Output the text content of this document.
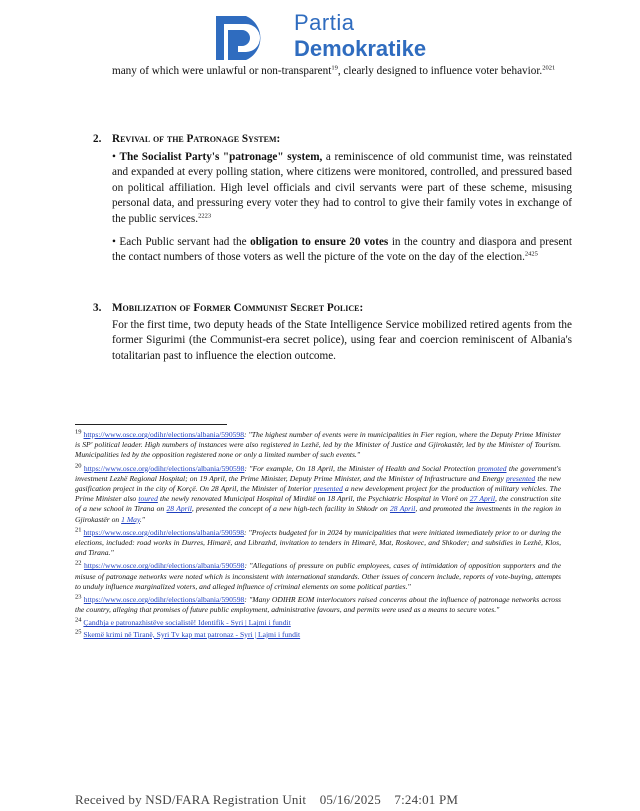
Partia
Demokratike
many of which were unlawful or non-transparent$^{19}$, clearly designed to influence voter behavior.$^{2021}$
2. Revival of the Patronage System:
• The Socialist Party's "patronage" system, a reminiscence of old communist time, was reinstated and expanded at every polling station, where citizens were monitored, controlled, and pressured based on political affiliation. High level officials and civil servants were part of these scheme, misusing personal data, and pressuring every voter they had to control to give their family votes in exchange of the public services.$^{2223}$
• Each Public servant had the obligation to ensure 20 votes in the country and diaspora and present the contact numbers of those voters as well the picture of the vote on the day of the election.$^{2425}$
3. Mobilization of Former Communist Secret Police:
For the first time, two deputy heads of the State Intelligence Service mobilized retired agents from the former Sigurimi (the Communist-era secret police), using fear and coercion reminiscent of Albania's totalitarian past to influence the election outcome.
$^{19}$ https://www.osce.org/odihr/elections/albania/590598: "The highest number of events were in municipalities in Fier region, where the Deputy Prime Minister is SP' political leader. High numbers of instances were also registered in Lezhë, led by the Minister of Justice and Gjirokastër, led by the Minister of Tourism. Municipalities led by the opposition registered none or only a limited number of such events."
$^{20}$ https://www.osce.org/odihr/elections/albania/590598: "For example, On 18 April, the Minister of Health and Social Protection promoted the government's investment Lezhë Regional Hospital; on 19 April, the Prime Minister, Deputy Prime Minister, and the Minister of Infrastructure and Energy presented the new gasification project in the city of Korçë. On 28 April, the Minister of Interior presented a new development project for the production of military vehicles. The Prime Minister also toured the newly renovated Municipal Hospital of Mirditë on 18 April, the Psychiatric Hospital in Vlorë on 27 April, the construction site of a new school in Tirana on 28 April, presented the concept of a new high-tech facility in Shkodr on 28 April, and promoted the investments in the region in Gjirokastër on 1 May."
$^{21}$ https://www.osce.org/odihr/elections/albania/590598: "Projects budgeted for in 2024 by municipalities that were initiated immediately prior to or during the elections, included: road works in Durres, Himarë, and Librazhd, invitation to tenders in Himarë, Mat, Roskovec, and Shkoder; and subsidies in Lezhë, Klos, and Tirana."
$^{22}$ https://www.osce.org/odihr/elections/albania/590598: "Allegations of pressure on public employees, cases of intimidation of opposition supporters and the misuse of patronage networks were noted which is inconsistent with international standards. Other issues of concern include, reports of vote-buying, attempts to unduly influence marginalized voters, and alleged influence of criminal elements on some political parties."
$^{23}$ https://www.osce.org/odihr/elections/albania/590598: "Many ODIHR EOM interlocutors raised concerns about the influence of patronage networks across the country, alleging that promises of future public employment, administrative favours, and permits were used as a means to secure votes."
$^{24}$ Çandhja e patronazhistëve socialistë! Identifik - Syri | Lajmi i fundit
$^{25}$ Skemë krimi në Tiranë, Syri Tv kap mat patronaz - Syri | Lajmi i fundit
Received by NSD/FARA Registration Unit 05/16/2025 7:24:01 PM
